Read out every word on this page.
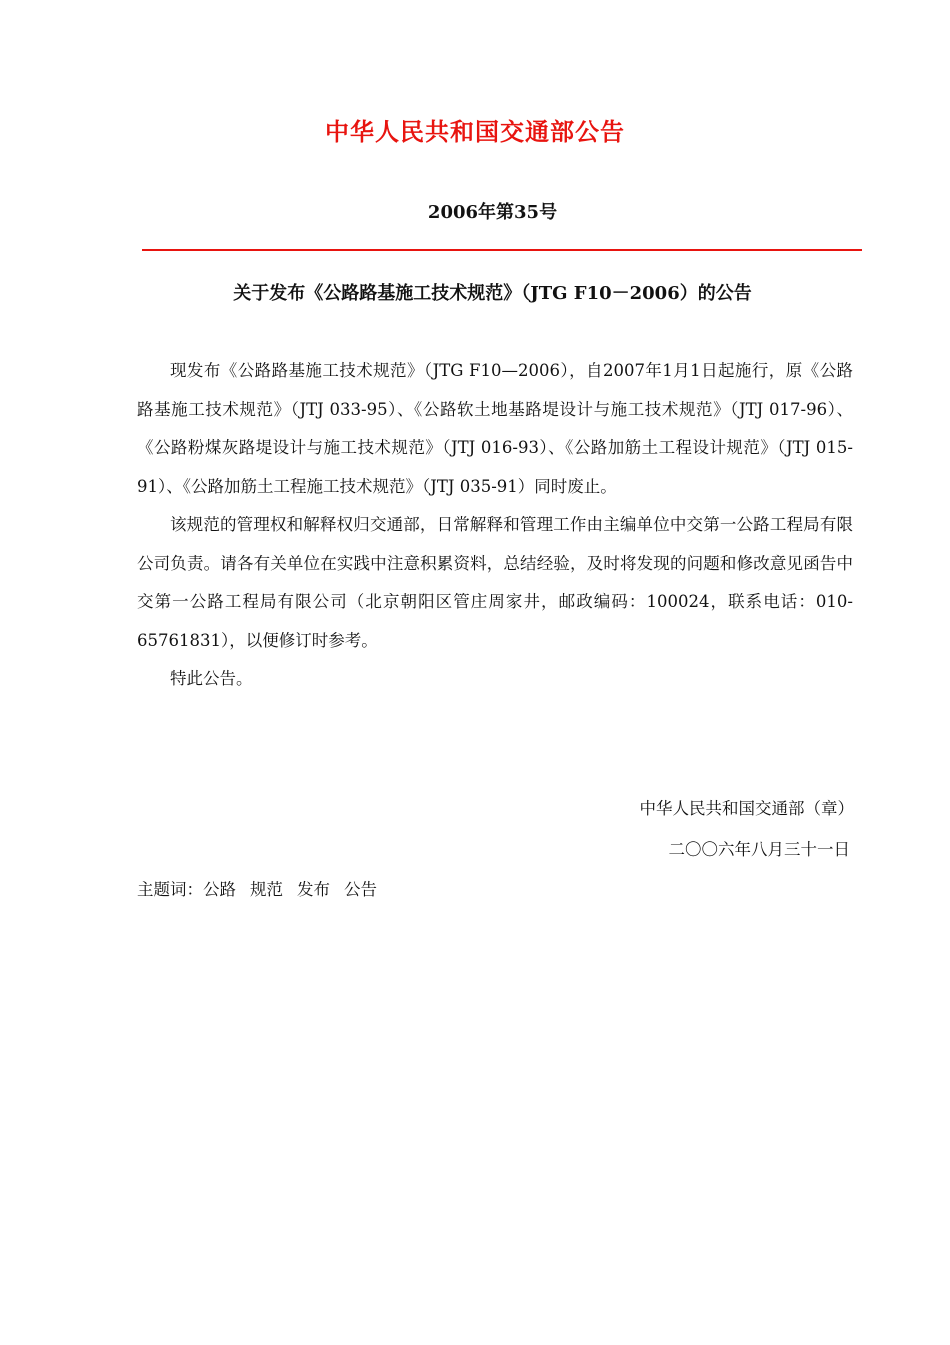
中华人民共和国交通部公告
2006年第35号
关于发布《公路路基施工技术规范》（JTG F10－2006）的公告

现发布《公路路基施工技术规范》（JTG F10—2006），自2007年1月1日起施行，原《公路路基施工技术规范》（JTJ 033-95）、《公路软土地基路堤设计与施工技术规范》（JTJ 017-96）、《公路粉煤灰路堤设计与施工技术规范》（JTJ 016-93）、《公路加筋土工程设计规范》（JTJ 015-91）、《公路加筋土工程施工技术规范》（JTJ 035-91）同时废止。

该规范的管理权和解释权归交通部，日常解释和管理工作由主编单位中交第一公路工程局有限公司负责。请各有关单位在实践中注意积累资料，总结经验，及时将发现的问题和修改意见函告中交第一公路工程局有限公司（北京朝阳区管庄周家井，邮政编码：100024，联系电话：010-65761831），以便修订时参考。

特此公告。

中华人民共和国交通部（章）
二〇〇六年八月三十一日
主题词：公路 规范 发布 公告
